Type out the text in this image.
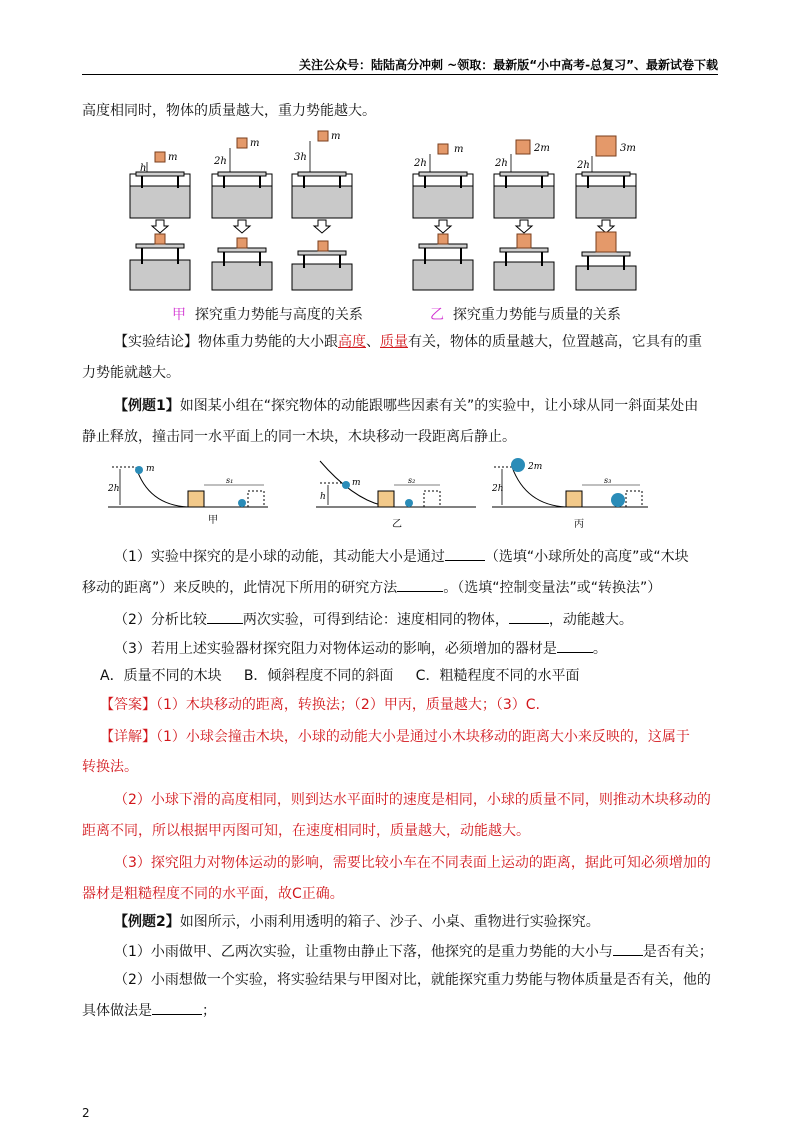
关注公众号：陆陆高分冲刺 ~领取：最新版“小中高考-总复习”、最新试卷下载
高度相同时，物体的质量越大，重力势能越大。
m
h
m
2h
m
3h
m
2h
2m
2h
3m
2h
甲 探究重力势能与高度的关系	乙 探究重力势能与质量的关系
【实验结论】物体重力势能的大小跟高度、质量有关，物体的质量越大，位置越高，它具有的重
力势能就越大。
【例题1】如图某小组在“探究物体的动能跟哪些因素有关”的实验中，让小球从同一斜面某处由
静止释放，撞击同一水平面上的同一木块，木块移动一段距离后静止。
m
2h
s₁	m
h
s₂
2m
2h
s₃
甲	乙	丙
（1）实验中探究的是小球的动能，其动能大小是通过	（选填“小球所处的高度”或“木块
移动的距离”）来反映的，此情况下所用的研究方法	。（选填“控制变量法”或“转换法”）
（2）分析比较	两次实验，可得到结论：速度相同的物体，	，动能越大。
（3）若用上述实验器材探究阻力对物体运动的影响，必须增加的器材是	。
A．质量不同的木块     B．倾斜程度不同的斜面     C．粗糙程度不同的水平面
【答案】（1）木块移动的距离，转换法；（2）甲丙，质量越大；（3）C.
【详解】（1）小球会撞击木块，小球的动能大小是通过小木块移动的距离大小来反映的，这属于
转换法。
（2）小球下滑的高度相同，则到达水平面时的速度是相同，小球的质量不同，则推动木块移动的
距离不同，所以根据甲丙图可知，在速度相同时，质量越大，动能越大。
（3）探究阻力对物体运动的影响，需要比较小车在不同表面上运动的距离，据此可知必须增加的
器材是粗糙程度不同的水平面，故C正确。
【例题2】如图所示，小雨利用透明的箱子、沙子、小桌、重物进行实验探究。
（1）小雨做甲、乙两次实验，让重物由静止下落，他探究的是重力势能的大小与 是否有关；
（2）小雨想做一个实验，将实验结果与甲图对比，就能探究重力势能与物体质量是否有关，他的
具体做法是	；
2
